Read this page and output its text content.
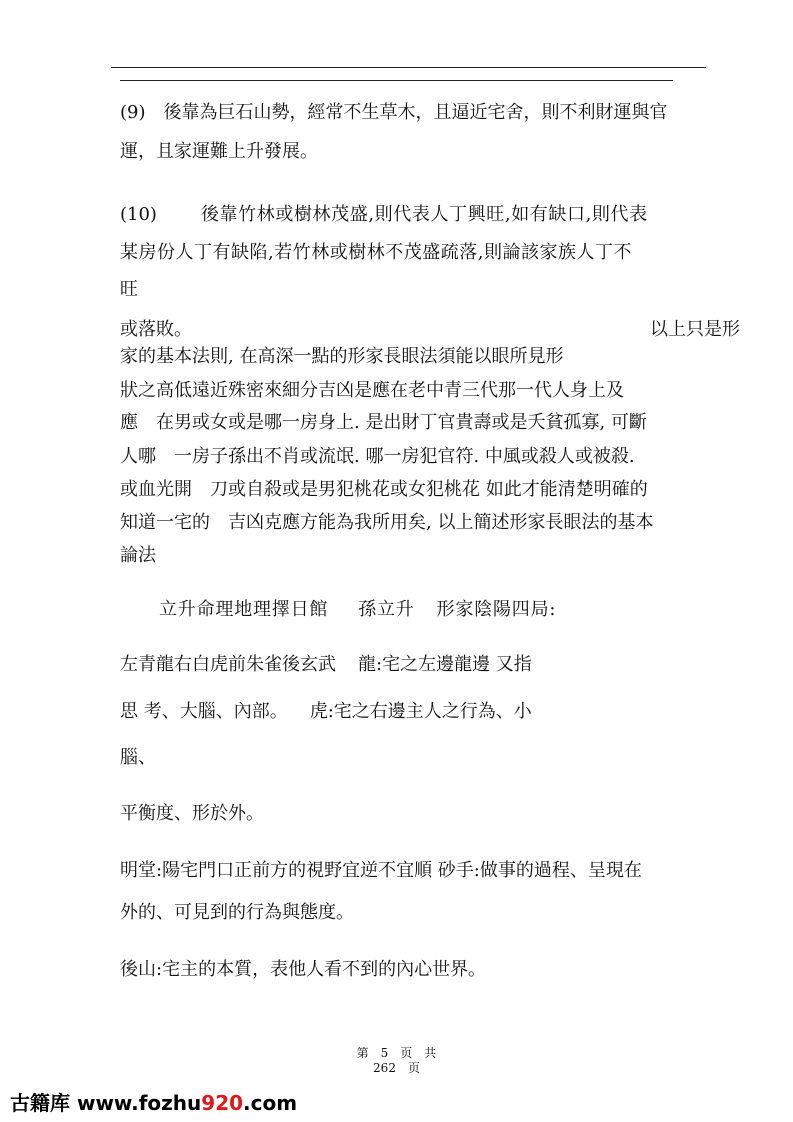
(9)　後靠為巨石山勢，經常不生草木，且逼近宅舍，則不利財運與官
運，且家運難上升發展。
(10) 後靠竹林或樹林茂盛,則代表人丁興旺,如有缺口,則代表
某房份人丁有缺陷,若竹林或樹林不茂盛疏落,則論該家族人丁不
旺
或落敗。	以上只是形
家的基本法則, 在高深一點的形家長眼法須能以眼所見形
狀之高低遠近殊密來細分吉凶是應在老中青三代那一代人身上及
應　在男或女或是哪一房身上. 是出財丁官貴壽或是夭貧孤寡, 可斷
人哪　一房子孫出不肖或流氓. 哪一房犯官符. 中風或殺人或被殺.
或血光開　刀或自殺或是男犯桃花或女犯桃花 如此才能清楚明確的
知道一宅的　吉凶克應方能為我所用矣, 以上簡述形家長眼法的基本
論法
立升命理地理擇日館 孫立升 形家陰陽四局:
左青龍右白虎前朱雀後玄武 龍:宅之左邊龍邊 又指
思 考、大腦、內部。 虎:宅之右邊主人之行為、小
腦、
平衡度、形於外。
明堂:陽宅門口正前方的視野宜逆不宜順 砂手:做事的過程、呈現在
外的、可見到的行為與態度。
後山:宅主的本質，表他人看不到的內心世界。
第　5　页　共
262　页
古籍库 www.fozhu920.com
